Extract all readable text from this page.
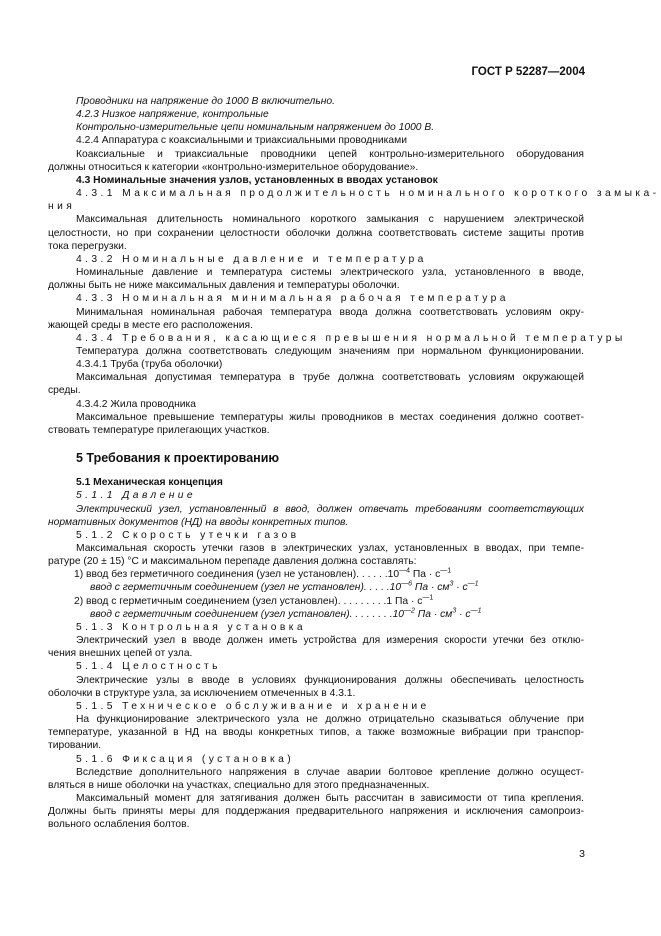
ГОСТ Р 52287—2004
Проводники на напряжение до 1000 В включительно.
4.2.3 Низкое напряжение, контрольные
Контрольно-измерительные цепи номинальным напряжением до 1000 В.
4.2.4 Аппаратура с коаксиальными и триаксиальными проводниками
Коаксиальные и триаксиальные проводники цепей контрольно-измерительного оборудования
должны относиться к категории «контрольно-измерительное оборудование».
4.3 Номинальные значения узлов, установленных в вводах установок
4.3.1 Максимальная продолжительность номинального короткого замыка-
ния
Максимальная длительность номинального короткого замыкания с нарушением электрической
целостности, но при сохранении целостности оболочки должна соответствовать системе защиты против
тока перегрузки.
4.3.2 Номинальные давление и температура
Номинальные давление и температура системы электрического узла, установленного в вводе,
должны быть не ниже максимальных давления и температуры оболочки.
4.3.3 Номинальная минимальная рабочая температура
Минимальная номинальная рабочая температура ввода должна соответствовать условиям окру-
жающей среды в месте его расположения.
4.3.4 Требования, касающиеся превышения нормальной температуры
Температура должна соответствовать следующим значениям при нормальном функционировании.
4.3.4.1 Труба (труба оболочки)
Максимальная допустимая температура в трубе должна соответствовать условиям окружающей
среды.
4.3.4.2 Жила проводника
Максимальное превышение температуры жилы проводников в местах соединения должно соответ-
ствовать температуре прилегающих участков.
5 Требования к проектированию
5.1 Механическая концепция
5.1.1 Давление
Электрический узел, установленный в ввод, должен отвечать требованиям соответствующих
нормативных документов (НД) на вводы конкретных типов.
5.1.2 Скорость утечки газов
Максимальная скорость утечки газов в электрических узлах, установленных в вводах, при темпе-
ратуре (20 ± 15) °С и максимальном перепаде давления должна составлять:
1) ввод без герметичного соединения (узел не установлен) . . . . . . $10^{—4}$ Па · $с^{—1}$
ввод с герметичным соединением (узел не установлен) . . . . . $10^{—6}$ Па · $см^3 \cdot с^{—1}$
2) ввод с герметичным соединением (узел установлен) . . . . . . . . . 1 Па · $с^{—1}$
ввод с герметичным соединением (узел установлен) . . . . . . . . $10^{—2}$ Па · $см^3 \cdot с^{—1}$
5.1.3 Контрольная установка
Электрический узел в вводе должен иметь устройства для измерения скорости утечки без отклю-
чения внешних цепей от узла.
5.1.4 Целостность
Электрические узлы в вводе в условиях функционирования должны обеспечивать целостность
оболочки в структуре узла, за исключением отмеченных в 4.3.1.
5.1.5 Техническое обслуживание и хранение
На функционирование электрического узла не должно отрицательно сказываться облучение при
температуре, указанной в НД на вводы конкретных типов, а также возможные вибрации при транспор-
тировании.
5.1.6 Фиксация (установка)
Вследствие дополнительного напряжения в случае аварии болтовое крепление должно осущест-
вляться в нише оболочки на участках, специально для этого предназначенных.
Максимальный момент для затягивания должен быть рассчитан в зависимости от типа крепления.
Должны быть приняты меры для поддержания предварительного напряжения и исключения самопроиз-
вольного ослабления болтов.
3
